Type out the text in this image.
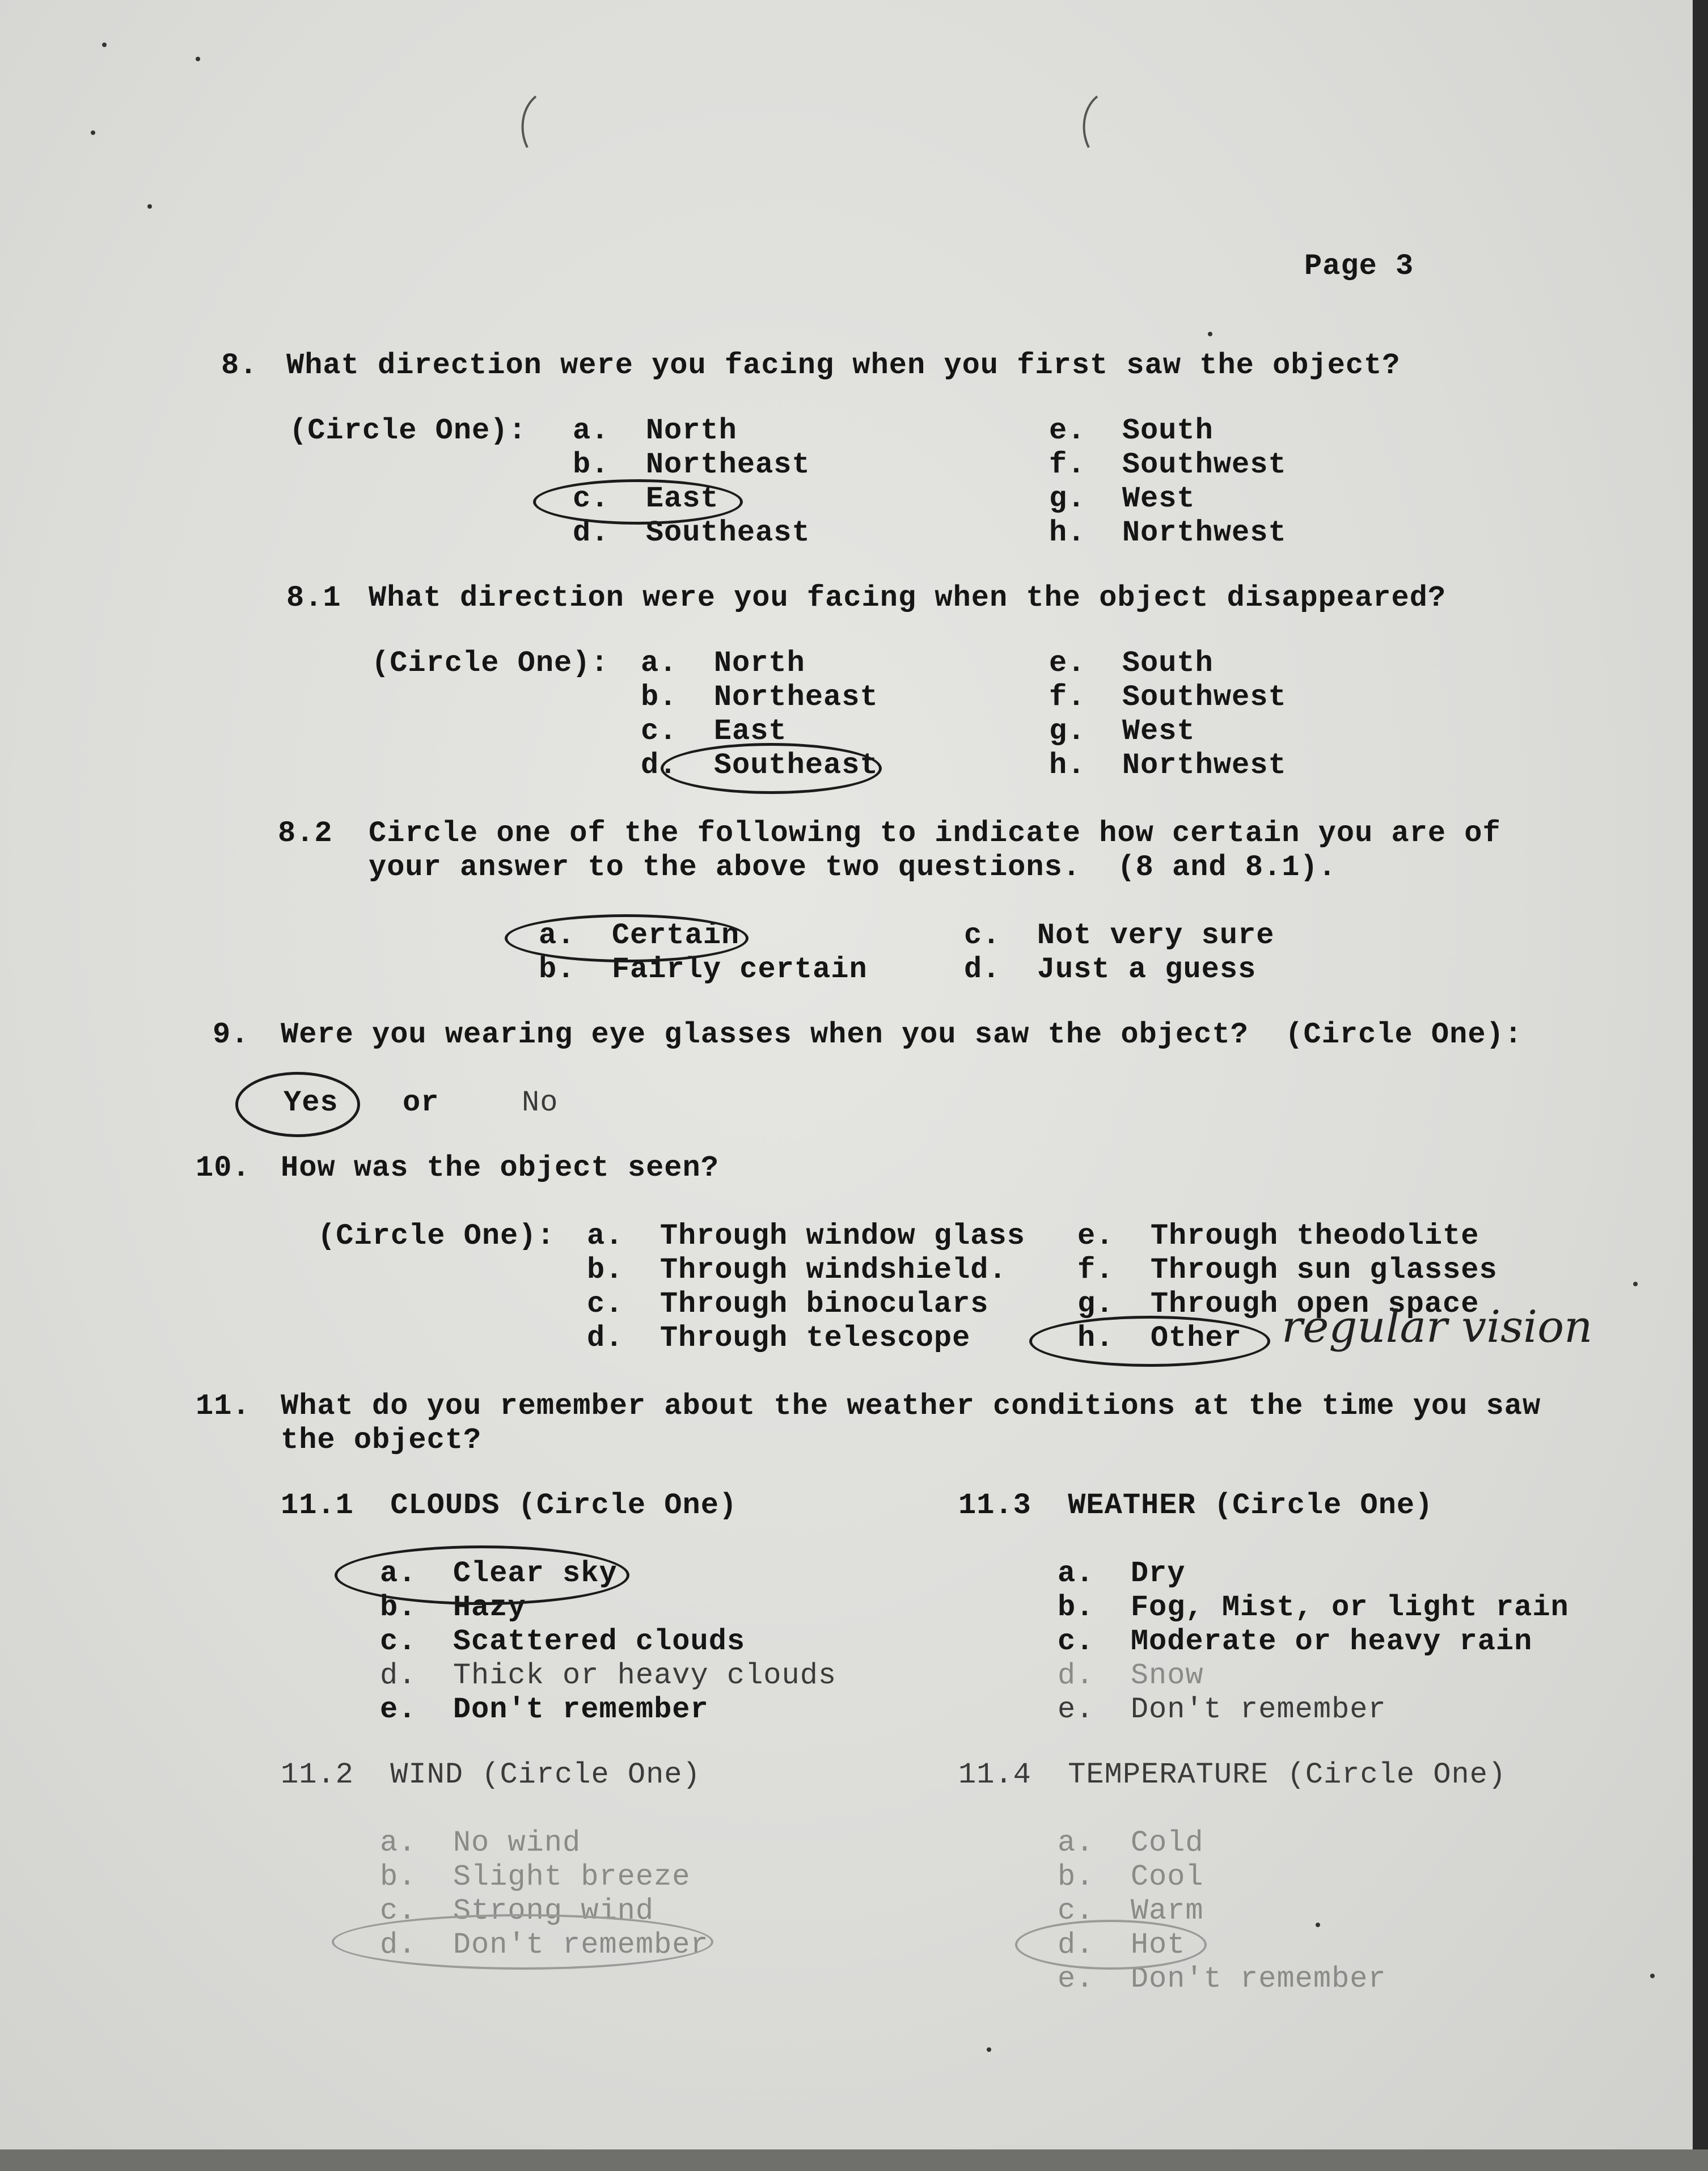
Page 3
8. What direction were you facing when you first saw the object?
(Circle One): a.  North
b.  Northeast
c.  East
d.  Southeast
e.  South
f.  Southwest
g.  West
h.  Northwest
8.1 What direction were you facing when the object disappeared?
(Circle One): a.  North
b.  Northeast
c.  East
d.  Southeast
e.  South
f.  Southwest
g.  West
h.  Northwest
8.2 Circle one of the following to indicate how certain you are of
your answer to the above two questions.  (8 and 8.1).
a.  Certain
b.  Fairly certain
c.  Not very sure
d.  Just a guess
9. Were you wearing eye glasses when you saw the object?  (Circle One):
Yes or	No
10. How was the object seen?
(Circle One): a.  Through window glass
b.  Through windshield.
c.  Through binoculars
d.  Through telescope
e.  Through theodolite
f.  Through sun glasses
g.  Through open space
h.  Other regular vision
11. What do you remember about the weather conditions at the time you saw
the object?
11.1  CLOUDS (Circle One)
a.  Clear sky
b.  Hazy
c.  Scattered clouds
d.  Thick or heavy clouds
e.  Don't remember
11.3  WEATHER (Circle One)
a.  Dry
b.  Fog, Mist, or light rain
c.  Moderate or heavy rain
d.  Snow
e.  Don't remember
11.2  WIND (Circle One)
a.  No wind
b.  Slight breeze
c.  Strong wind
d.  Don't remember
11.4  TEMPERATURE (Circle One)
a.  Cold
b.  Cool
c.  Warm
d.  Hot
e.  Don't remember
